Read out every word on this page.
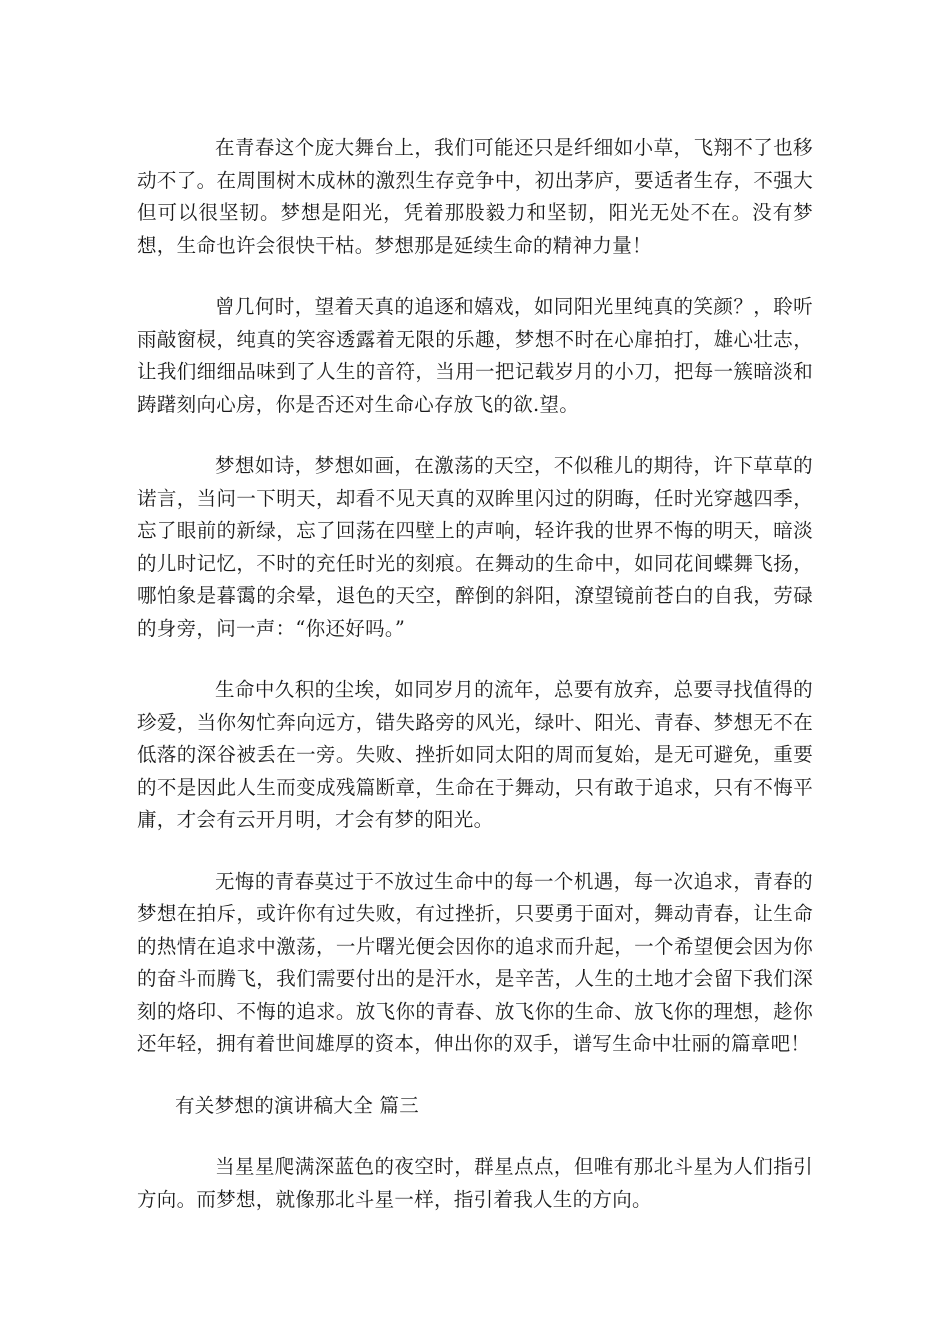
在青春这个庞大舞台上，我们可能还只是纤细如小草，飞翔不了也移动不了。在周围树木成林的激烈生存竞争中，初出茅庐，要适者生存，不强大但可以很坚韧。梦想是阳光，凭着那股毅力和坚韧，阳光无处不在。没有梦想，生命也许会很快干枯。梦想那是延续生命的精神力量！

曾几何时，望着天真的追逐和嬉戏，如同阳光里纯真的笑颜？，聆听雨敲窗棂，纯真的笑容透露着无限的乐趣，梦想不时在心扉拍打，雄心壮志，让我们细细品味到了人生的音符，当用一把记载岁月的小刀，把每一簇暗淡和踌躇刻向心房，你是否还对生命心存放飞的欲.望。

梦想如诗，梦想如画，在激荡的天空，不似稚儿的期待，许下草草的诺言，当问一下明天，却看不见天真的双眸里闪过的阴晦，任时光穿越四季，忘了眼前的新绿，忘了回荡在四壁上的声响，轻许我的世界不悔的明天，暗淡的儿时记忆，不时的充任时光的刻痕。在舞动的生命中，如同花间蝶舞飞扬，哪怕象是暮霭的余晕，退色的天空，醉倒的斜阳，潦望镜前苍白的自我，劳碌的身旁，问一声：“你还好吗。”

生命中久积的尘埃，如同岁月的流年，总要有放弃，总要寻找值得的珍爱，当你匆忙奔向远方，错失路旁的风光，绿叶、阳光、青春、梦想无不在低落的深谷被丢在一旁。失败、挫折如同太阳的周而复始，是无可避免，重要的不是因此人生而变成残篇断章，生命在于舞动，只有敢于追求，只有不悔平庸，才会有云开月明，才会有梦的阳光。

无悔的青春莫过于不放过生命中的每一个机遇，每一次追求，青春的梦想在拍斥，或许你有过失败，有过挫折，只要勇于面对，舞动青春，让生命的热情在追求中激荡，一片曙光便会因你的追求而升起，一个希望便会因为你的奋斗而腾飞，我们需要付出的是汗水，是辛苦，人生的土地才会留下我们深刻的烙印、不悔的追求。放飞你的青春、放飞你的生命、放飞你的理想，趁你还年轻，拥有着世间雄厚的资本，伸出你的双手，谱写生命中壮丽的篇章吧！

有关梦想的演讲稿大全 篇三

当星星爬满深蓝色的夜空时，群星点点，但唯有那北斗星为人们指引方向。而梦想，就像那北斗星一样，指引着我人生的方向。
